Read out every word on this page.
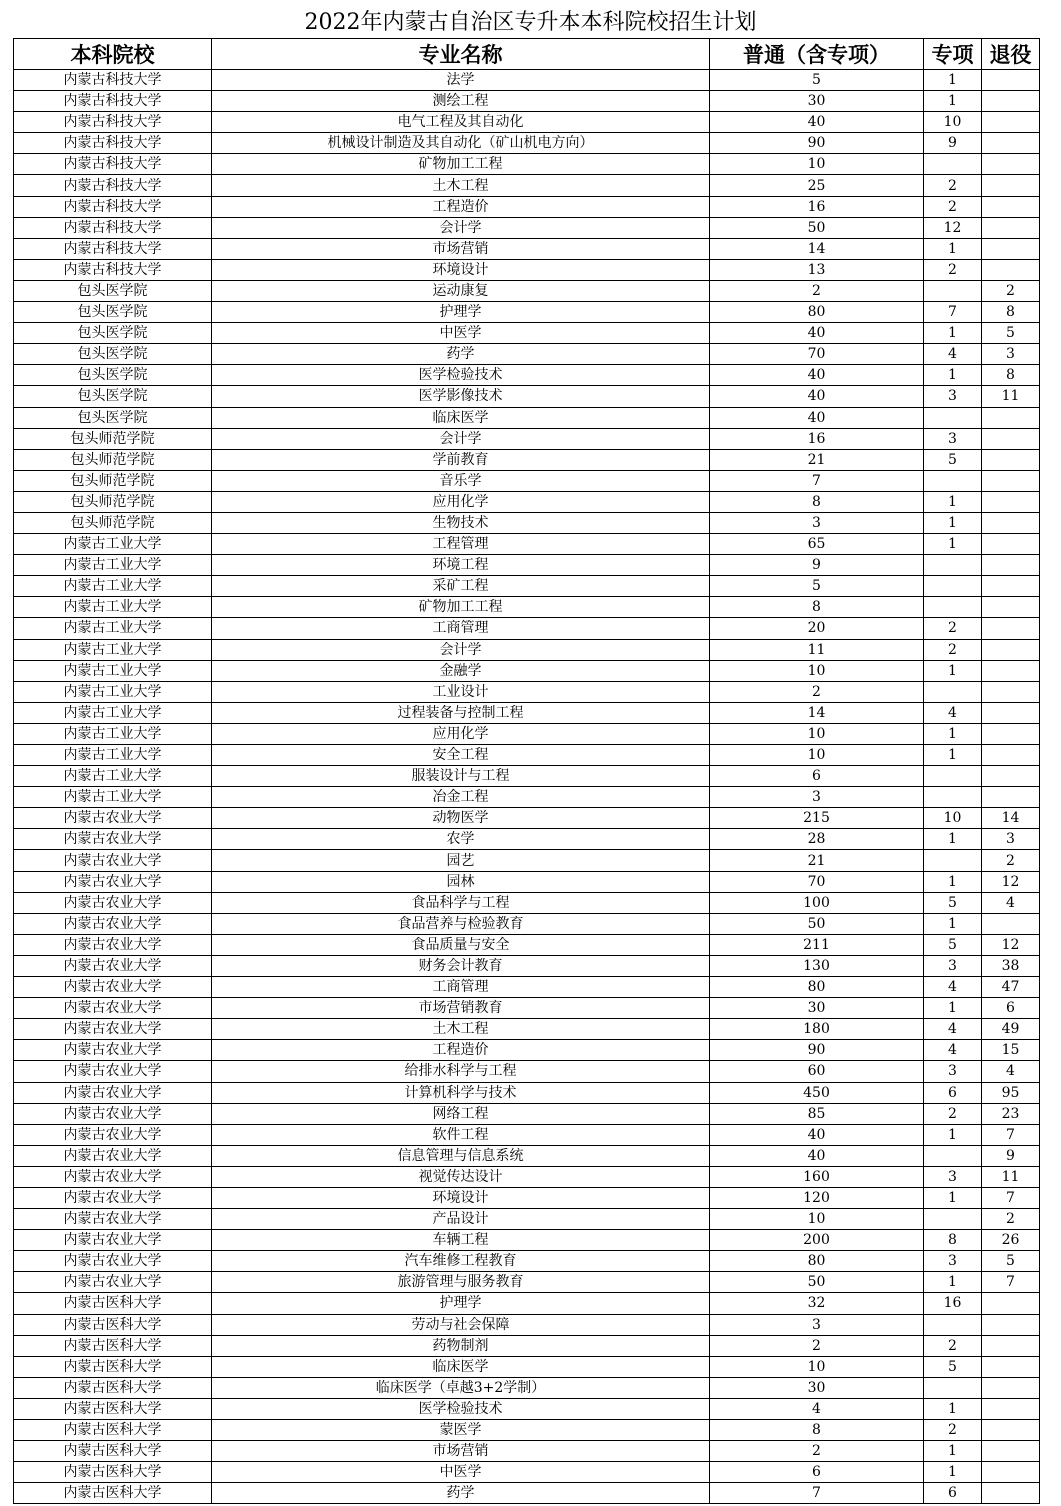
2022年内蒙古自治区专升本本科院校招生计划
本科院校	专业名称	普通（含专项）	专项	退役
内蒙古科技大学	法学	5	1	
内蒙古科技大学	测绘工程	30	1	
内蒙古科技大学	电气工程及其自动化	40	10	
内蒙古科技大学	机械设计制造及其自动化（矿山机电方向）	90	9	
内蒙古科技大学	矿物加工工程	10		
内蒙古科技大学	土木工程	25	2	
内蒙古科技大学	工程造价	16	2	
内蒙古科技大学	会计学	50	12	
内蒙古科技大学	市场营销	14	1	
内蒙古科技大学	环境设计	13	2	
包头医学院	运动康复	2		2
包头医学院	护理学	80	7	8
包头医学院	中医学	40	1	5
包头医学院	药学	70	4	3
包头医学院	医学检验技术	40	1	8
包头医学院	医学影像技术	40	3	11
包头医学院	临床医学	40		
包头师范学院	会计学	16	3	
包头师范学院	学前教育	21	5	
包头师范学院	音乐学	7		
包头师范学院	应用化学	8	1	
包头师范学院	生物技术	3	1	
内蒙古工业大学	工程管理	65	1	
内蒙古工业大学	环境工程	9		
内蒙古工业大学	采矿工程	5		
内蒙古工业大学	矿物加工工程	8		
内蒙古工业大学	工商管理	20	2	
内蒙古工业大学	会计学	11	2	
内蒙古工业大学	金融学	10	1	
内蒙古工业大学	工业设计	2		
内蒙古工业大学	过程装备与控制工程	14	4	
内蒙古工业大学	应用化学	10	1	
内蒙古工业大学	安全工程	10	1	
内蒙古工业大学	服装设计与工程	6		
内蒙古工业大学	冶金工程	3		
内蒙古农业大学	动物医学	215	10	14
内蒙古农业大学	农学	28	1	3
内蒙古农业大学	园艺	21		2
内蒙古农业大学	园林	70	1	12
内蒙古农业大学	食品科学与工程	100	5	4
内蒙古农业大学	食品营养与检验教育	50	1	
内蒙古农业大学	食品质量与安全	211	5	12
内蒙古农业大学	财务会计教育	130	3	38
内蒙古农业大学	工商管理	80	4	47
内蒙古农业大学	市场营销教育	30	1	6
内蒙古农业大学	土木工程	180	4	49
内蒙古农业大学	工程造价	90	4	15
内蒙古农业大学	给排水科学与工程	60	3	4
内蒙古农业大学	计算机科学与技术	450	6	95
内蒙古农业大学	网络工程	85	2	23
内蒙古农业大学	软件工程	40	1	7
内蒙古农业大学	信息管理与信息系统	40		9
内蒙古农业大学	视觉传达设计	160	3	11
内蒙古农业大学	环境设计	120	1	7
内蒙古农业大学	产品设计	10		2
内蒙古农业大学	车辆工程	200	8	26
内蒙古农业大学	汽车维修工程教育	80	3	5
内蒙古农业大学	旅游管理与服务教育	50	1	7
内蒙古医科大学	护理学	32	16	
内蒙古医科大学	劳动与社会保障	3		
内蒙古医科大学	药物制剂	2	2	
内蒙古医科大学	临床医学	10	5	
内蒙古医科大学	临床医学（卓越3+2学制）	30		
内蒙古医科大学	医学检验技术	4	1	
内蒙古医科大学	蒙医学	8	2	
内蒙古医科大学	市场营销	2	1	
内蒙古医科大学	中医学	6	1	
内蒙古医科大学	药学	7	6	
